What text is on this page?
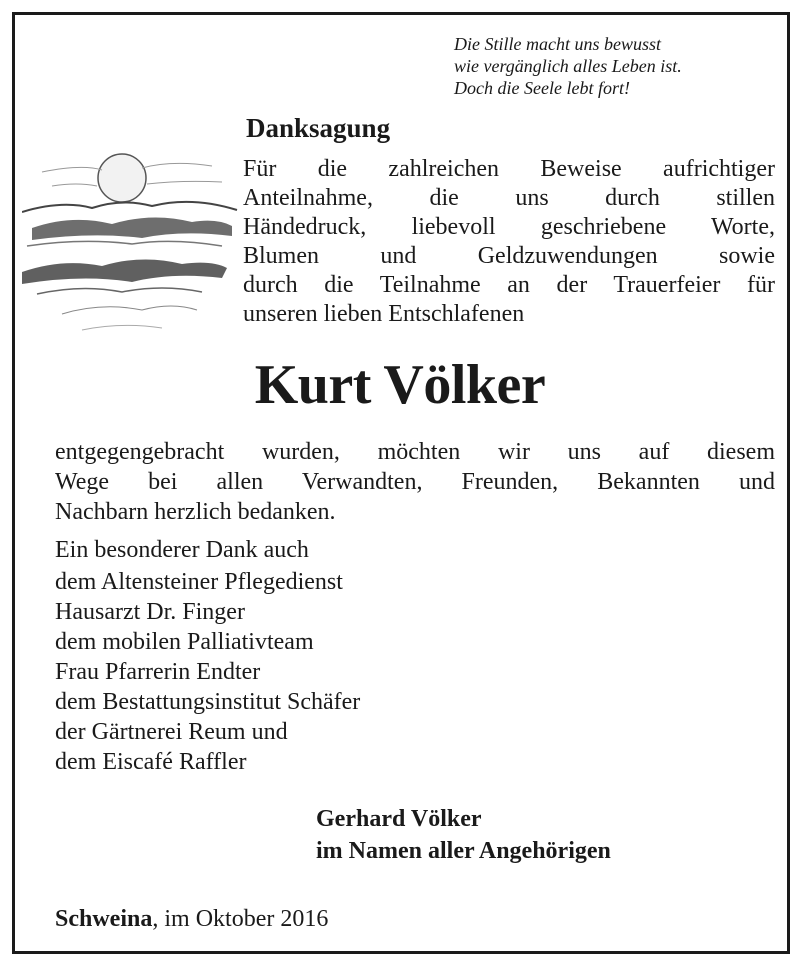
Die Stille macht uns bewusst
wie vergänglich alles Leben ist.
Doch die Seele lebt fort!
Danksagung
Für die zahlreichen Beweise aufrichtiger
Anteilnahme, die uns durch stillen
Händedruck, liebevoll geschriebene Worte,
Blumen und Geldzuwendungen sowie
durch die Teilnahme an der Trauerfeier für
unseren lieben Entschlafenen
Kurt Völker
entgegengebracht wurden, möchten wir uns auf diesem
Wege bei allen Verwandten, Freunden, Bekannten und
Nachbarn herzlich bedanken.
Ein besonderer Dank auch
dem Altensteiner Pflegedienst
Hausarzt Dr. Finger
dem mobilen Palliativteam
Frau Pfarrerin Endter
dem Bestattungsinstitut Schäfer
der Gärtnerei Reum und
dem Eiscafé Raffler
Gerhard Völker
im Namen aller Angehörigen
Schweina, im Oktober 2016
